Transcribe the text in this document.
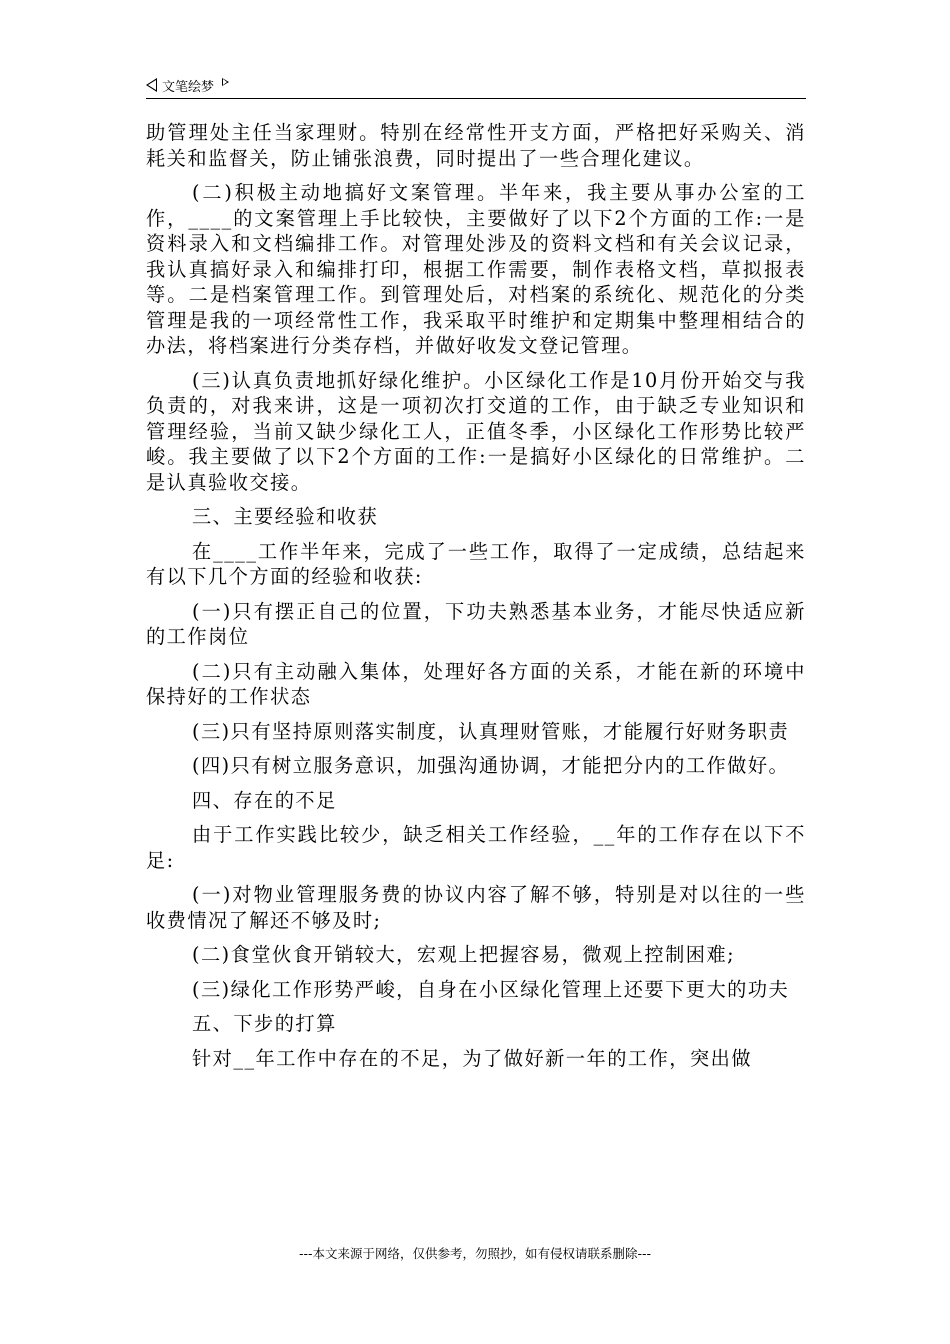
文笔绘梦

助管理处主任当家理财。特别在经常性开支方面，严格把好采购关、消耗关和监督关，防止铺张浪费，同时提出了一些合理化建议。

(二)积极主动地搞好文案管理。半年来，我主要从事办公室的工作，____的文案管理上手比较快，主要做好了以下2个方面的工作:一是资料录入和文档编排工作。对管理处涉及的资料文档和有关会议记录，我认真搞好录入和编排打印，根据工作需要，制作表格文档，草拟报表等。二是档案管理工作。到管理处后，对档案的系统化、规范化的分类管理是我的一项经常性工作，我采取平时维护和定期集中整理相结合的办法，将档案进行分类存档，并做好收发文登记管理。

(三)认真负责地抓好绿化维护。小区绿化工作是10月份开始交与我负责的，对我来讲，这是一项初次打交道的工作，由于缺乏专业知识和管理经验，当前又缺少绿化工人，正值冬季，小区绿化工作形势比较严峻。我主要做了以下2个方面的工作:一是搞好小区绿化的日常维护。二是认真验收交接。

三、主要经验和收获

在____工作半年来，完成了一些工作，取得了一定成绩，总结起来有以下几个方面的经验和收获:

(一)只有摆正自己的位置，下功夫熟悉基本业务，才能尽快适应新的工作岗位

(二)只有主动融入集体，处理好各方面的关系，才能在新的环境中保持好的工作状态

(三)只有坚持原则落实制度，认真理财管账，才能履行好财务职责

(四)只有树立服务意识，加强沟通协调，才能把分内的工作做好。

四、存在的不足

由于工作实践比较少，缺乏相关工作经验，__年的工作存在以下不足:

(一)对物业管理服务费的协议内容了解不够，特别是对以往的一些收费情况了解还不够及时;

(二)食堂伙食开销较大，宏观上把握容易，微观上控制困难;

(三)绿化工作形势严峻，自身在小区绿化管理上还要下更大的功夫

五、下步的打算

针对__年工作中存在的不足，为了做好新一年的工作，突出做

---本文来源于网络，仅供参考，勿照抄，如有侵权请联系删除---
